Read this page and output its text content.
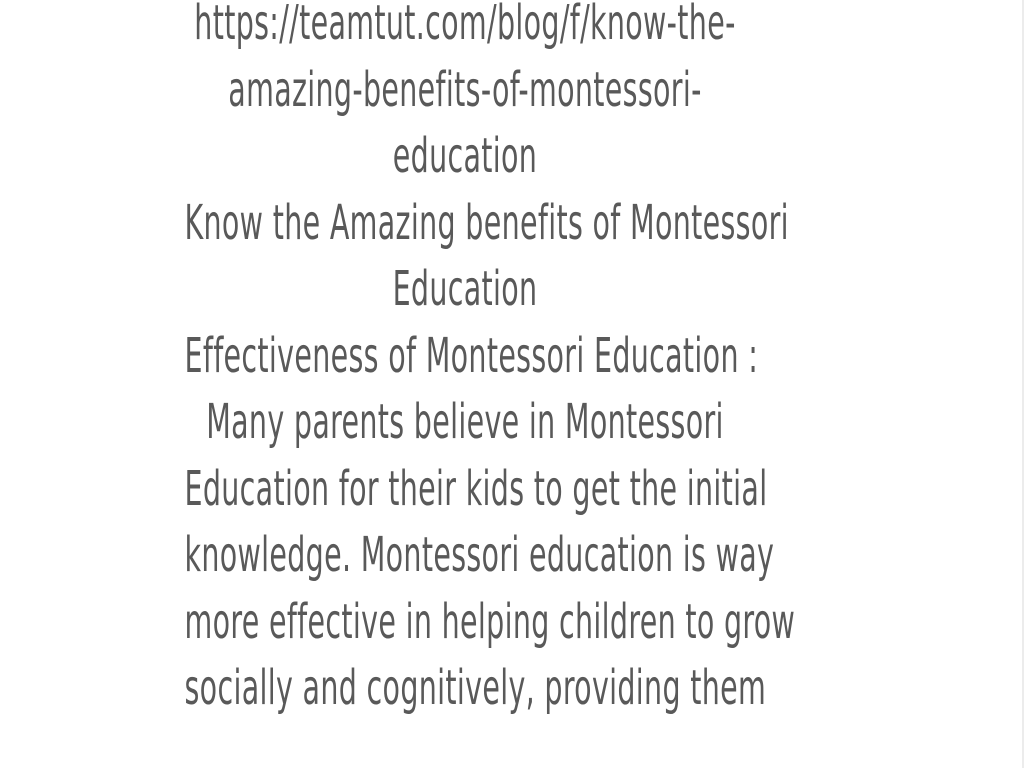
https://teamtut.com/blog/f/know-the-
amazing-benefits-of-montessori-
education
Know the Amazing benefits of Montessori
Education
Effectiveness of Montessori Education :
Many parents believe in Montessori
Education for their kids to get the initial
knowledge. Montessori education is way
more effective in helping children to grow
socially and cognitively, providing them
